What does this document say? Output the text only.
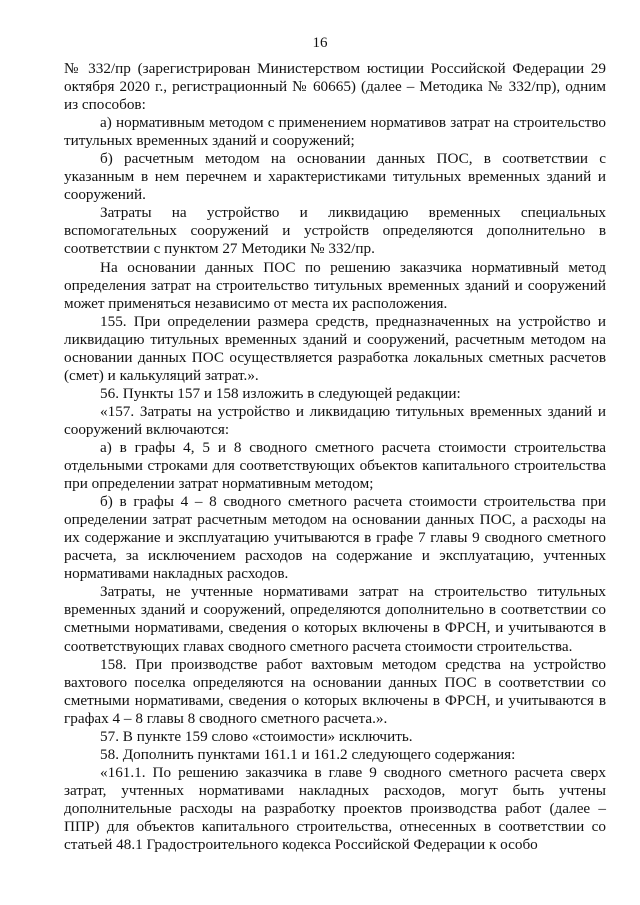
16

№ 332/пр (зарегистрирован Министерством юстиции Российской Федерации 29 октября 2020 г., регистрационный № 60665) (далее – Методика № 332/пр), одним из способов:

а) нормативным методом с применением нормативов затрат на строительство титульных временных зданий и сооружений;

б) расчетным методом на основании данных ПОС, в соответствии с указанным в нем перечнем и характеристиками титульных временных зданий и сооружений.

Затраты на устройство и ликвидацию временных специальных вспомогательных сооружений и устройств определяются дополнительно в соответствии с пунктом 27 Методики № 332/пр.

На основании данных ПОС по решению заказчика нормативный метод определения затрат на строительство титульных временных зданий и сооружений может применяться независимо от места их расположения.

155. При определении размера средств, предназначенных на устройство и ликвидацию титульных временных зданий и сооружений, расчетным методом на основании данных ПОС осуществляется разработка локальных сметных расчетов (смет) и калькуляций затрат.».

56. Пункты 157 и 158 изложить в следующей редакции:

«157. Затраты на устройство и ликвидацию титульных временных зданий и сооружений включаются:

а) в графы 4, 5 и 8 сводного сметного расчета стоимости строительства отдельными строками для соответствующих объектов капитального строительства при определении затрат нормативным методом;

б) в графы 4 – 8 сводного сметного расчета стоимости строительства при определении затрат расчетным методом на основании данных ПОС, а расходы на их содержание и эксплуатацию учитываются в графе 7 главы 9 сводного сметного расчета, за исключением расходов на содержание и эксплуатацию, учтенных нормативами накладных расходов.

Затраты, не учтенные нормативами затрат на строительство титульных временных зданий и сооружений, определяются дополнительно в соответствии со сметными нормативами, сведения о которых включены в ФРСН, и учитываются в соответствующих главах сводного сметного расчета стоимости строительства.

158. При производстве работ вахтовым методом средства на устройство вахтового поселка определяются на основании данных ПОС в соответствии со сметными нормативами, сведения о которых включены в ФРСН, и учитываются в графах 4 – 8 главы 8 сводного сметного расчета.».

57. В пункте 159 слово «стоимости» исключить.

58. Дополнить пунктами 161.1 и 161.2 следующего содержания:

«161.1. По решению заказчика в главе 9 сводного сметного расчета сверх затрат, учтенных нормативами накладных расходов, могут быть учтены дополнительные расходы на разработку проектов производства работ (далее – ППР) для объектов капитального строительства, отнесенных в соответствии со статьей 48.1 Градостроительного кодекса Российской Федерации к особо
